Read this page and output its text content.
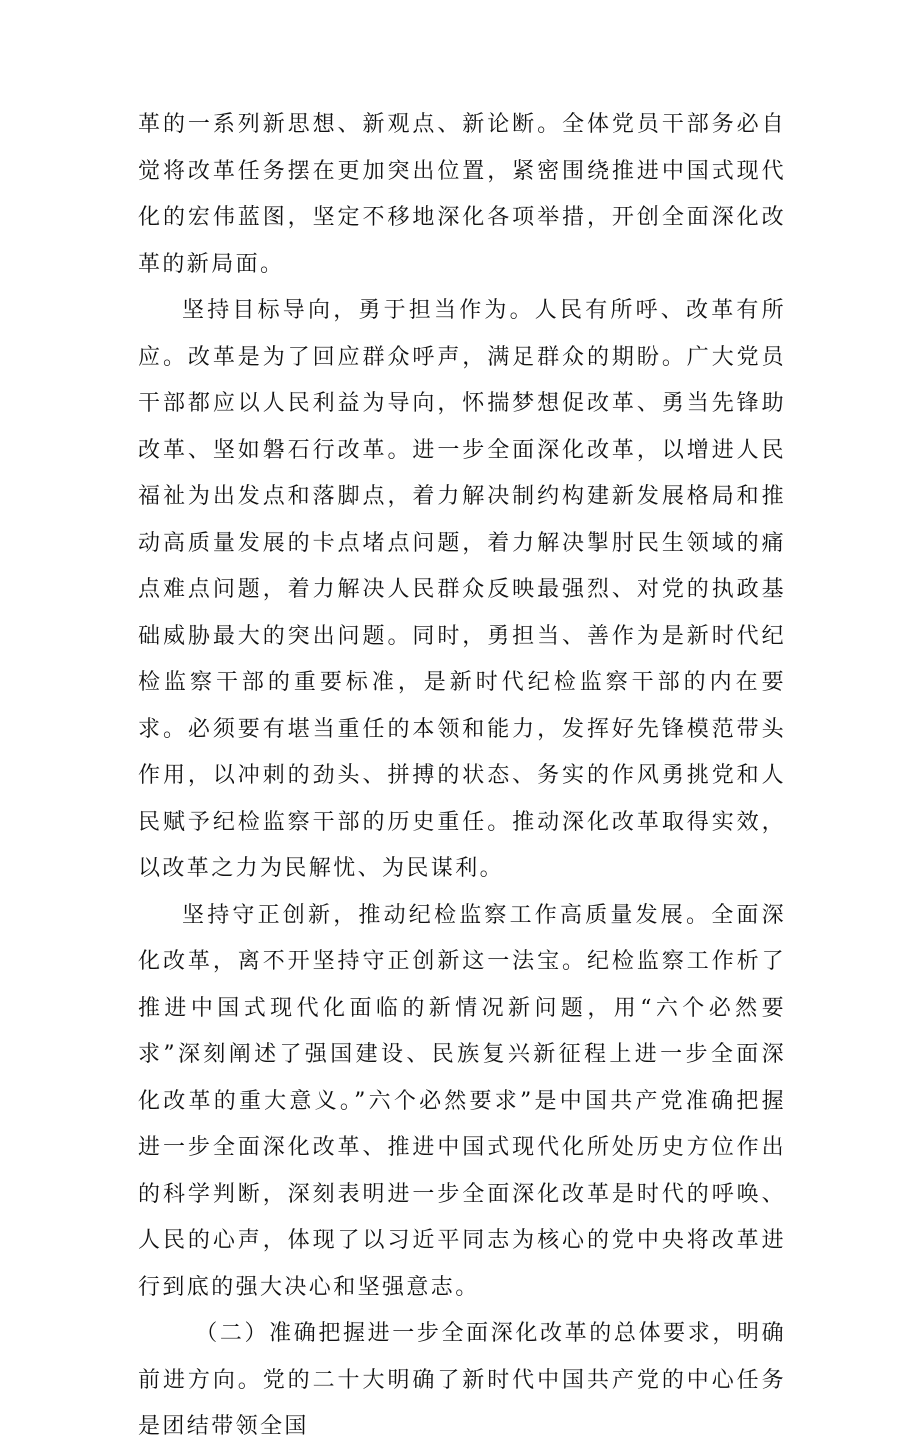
革的一系列新思想、新观点、新论断。全体党员干部务必自觉将改革任务摆在更加突出位置，紧密围绕推进中国式现代化的宏伟蓝图，坚定不移地深化各项举措，开创全面深化改革的新局面。

坚持目标导向，勇于担当作为。人民有所呼、改革有所应。改革是为了回应群众呼声，满足群众的期盼。广大党员干部都应以人民利益为导向，怀揣梦想促改革、勇当先锋助改革、坚如磐石行改革。进一步全面深化改革，以增进人民福祉为出发点和落脚点，着力解决制约构建新发展格局和推动高质量发展的卡点堵点问题，着力解决掣肘民生领域的痛点难点问题，着力解决人民群众反映最强烈、对党的执政基础威胁最大的突出问题。同时，勇担当、善作为是新时代纪检监察干部的重要标准，是新时代纪检监察干部的内在要求。必须要有堪当重任的本领和能力，发挥好先锋模范带头作用，以冲刺的劲头、拼搏的状态、务实的作风勇挑党和人民赋予纪检监察干部的历史重任。推动深化改革取得实效，以改革之力为民解忧、为民谋利。

坚持守正创新，推动纪检监察工作高质量发展。全面深化改革，离不开坚持守正创新这一法宝。纪检监察工作析了推进中国式现代化面临的新情况新问题，用“六个必然要求”深刻阐述了强国建设、民族复兴新征程上进一步全面深化改革的重大意义。”六个必然要求”是中国共产党准确把握进一步全面深化改革、推进中国式现代化所处历史方位作出的科学判断，深刻表明进一步全面深化改革是时代的呼唤、人民的心声，体现了以习近平同志为核心的党中央将改革进行到底的强大决心和坚强意志。

（二）准确把握进一步全面深化改革的总体要求，明确前进方向。党的二十大明确了新时代中国共产党的中心任务是团结带领全国
